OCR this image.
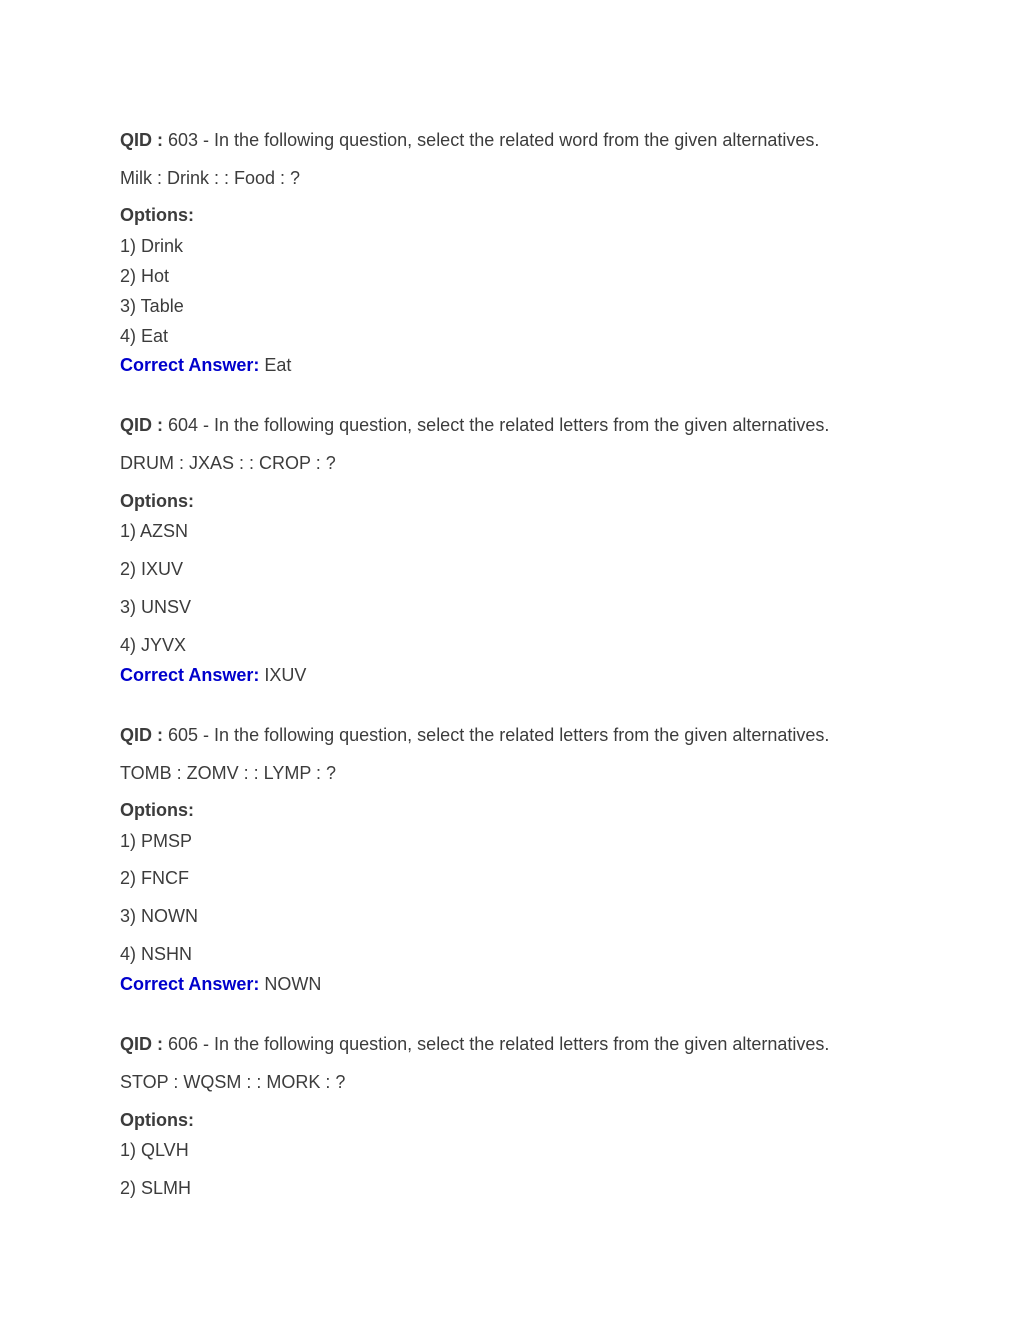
QID : 603 - In the following question, select the related word from the given alternatives.
Milk : Drink : : Food : ?
Options:
1) Drink
2) Hot
3) Table
4) Eat
Correct Answer: Eat
QID : 604 - In the following question, select the related letters from the given alternatives.
DRUM : JXAS : : CROP : ?
Options:
1) AZSN
2) IXUV
3) UNSV
4) JYVX
Correct Answer: IXUV
QID : 605 - In the following question, select the related letters from the given alternatives.
TOMB : ZOMV : : LYMP : ?
Options:
1) PMSP
2) FNCF
3) NOWN
4) NSHN
Correct Answer: NOWN
QID : 606 - In the following question, select the related letters from the given alternatives.
STOP : WQSM : : MORK : ?
Options:
1) QLVH
2) SLMH
